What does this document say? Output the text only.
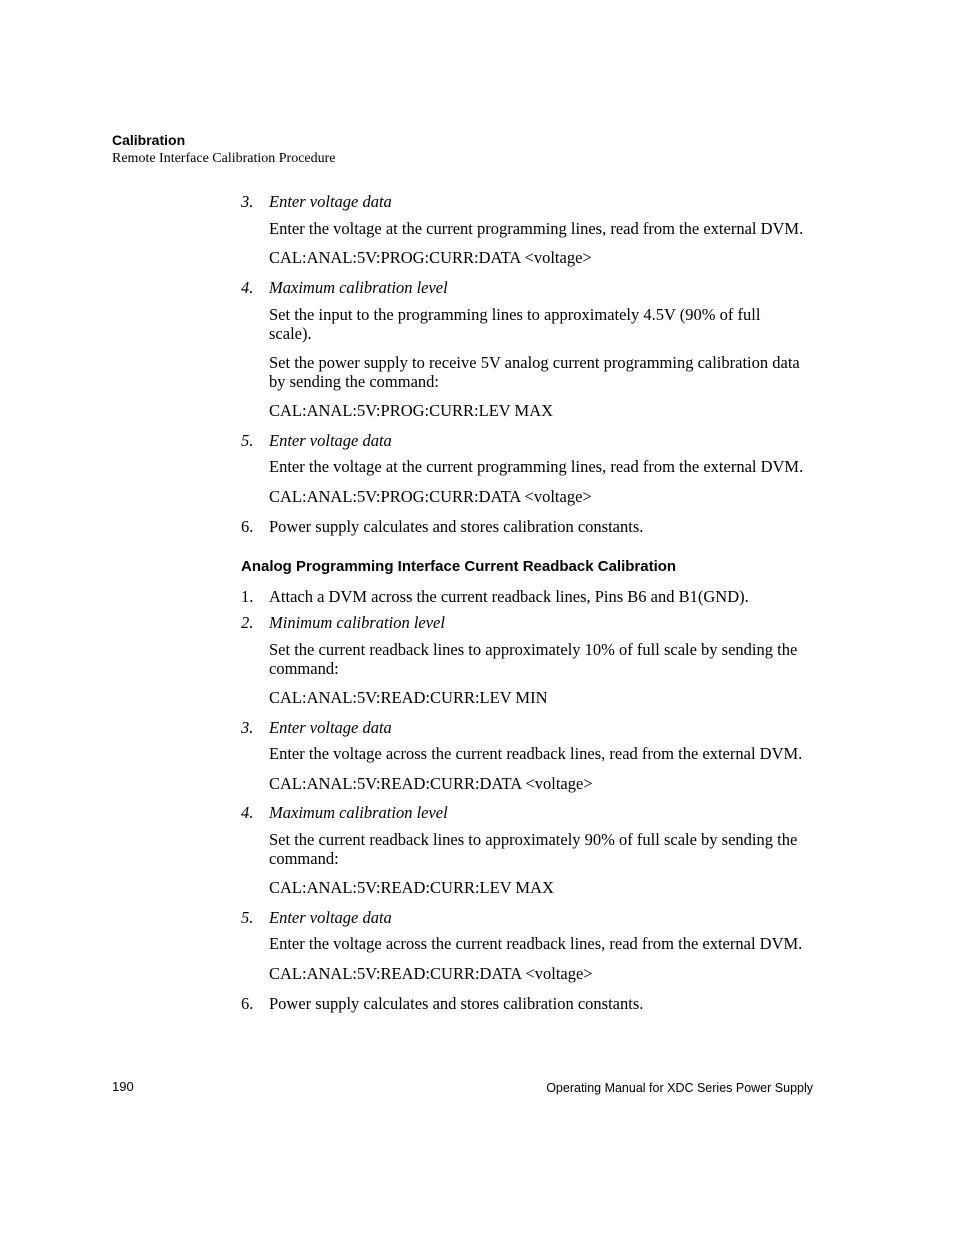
Calibration
Remote Interface Calibration Procedure
3. Enter voltage data
Enter the voltage at the current programming lines, read from the external DVM.
CAL:ANAL:5V:PROG:CURR:DATA <voltage>
4. Maximum calibration level
Set the input to the programming lines to approximately 4.5V (90% of full
scale).
Set the power supply to receive 5V analog current programming calibration data
by sending the command:
CAL:ANAL:5V:PROG:CURR:LEV MAX
5. Enter voltage data
Enter the voltage at the current programming lines, read from the external DVM.
CAL:ANAL:5V:PROG:CURR:DATA <voltage>
6. Power supply calculates and stores calibration constants.
Analog Programming Interface Current Readback Calibration
1. Attach a DVM across the current readback lines, Pins B6 and B1(GND).
2. Minimum calibration level
Set the current readback lines to approximately 10% of full scale by sending the
command:
CAL:ANAL:5V:READ:CURR:LEV MIN
3. Enter voltage data
Enter the voltage across the current readback lines, read from the external DVM.
CAL:ANAL:5V:READ:CURR:DATA <voltage>
4. Maximum calibration level
Set the current readback lines to approximately 90% of full scale by sending the
command:
CAL:ANAL:5V:READ:CURR:LEV MAX
5. Enter voltage data
Enter the voltage across the current readback lines, read from the external DVM.
CAL:ANAL:5V:READ:CURR:DATA <voltage>
6. Power supply calculates and stores calibration constants.
190	Operating Manual for XDC Series Power Supply
